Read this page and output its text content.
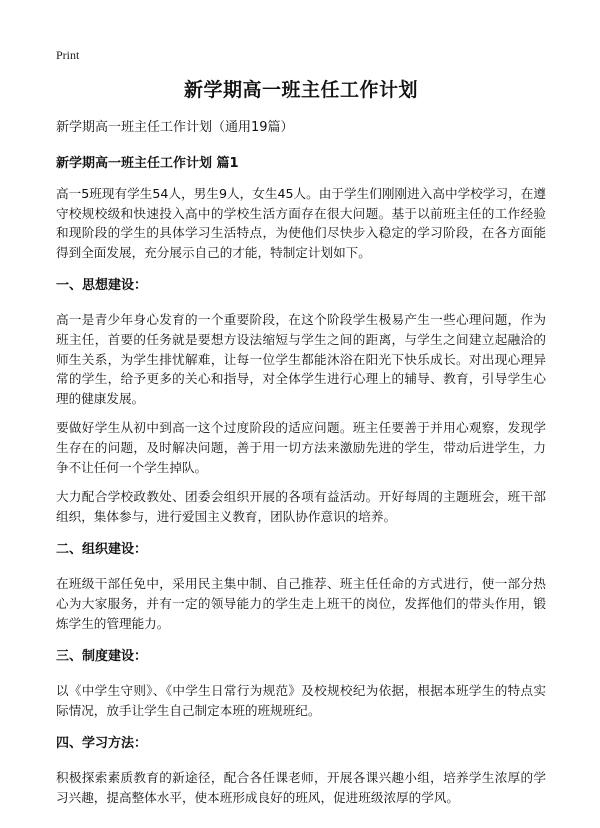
Print
新学期高一班主任工作计划

新学期高一班主任工作计划（通用19篇）

新学期高一班主任工作计划 篇1

高一5班现有学生54人，男生9人，女生45人。由于学生们刚刚进入高中学校学习，在遵守校规校级和快速投入高中的学校生活方面存在很大问题。基于以前班主任的工作经验和现阶段的学生的具体学习生活特点，为使他们尽快步入稳定的学习阶段，在各方面能得到全面发展，充分展示自己的才能，特制定计划如下。

一、思想建设：

高一是青少年身心发育的一个重要阶段，在这个阶段学生极易产生一些心理问题，作为班主任，首要的任务就是要想方设法缩短与学生之间的距离，与学生之间建立起融洽的师生关系，为学生排忧解难，让每一位学生都能沐浴在阳光下快乐成长。对出现心理异常的学生，给予更多的关心和指导，对全体学生进行心理上的辅导、教育，引导学生心理的健康发展。

要做好学生从初中到高一这个过度阶段的适应问题。班主任要善于并用心观察，发现学生存在的问题，及时解决问题，善于用一切方法来激励先进的学生，带动后进学生，力争不让任何一个学生掉队。

大力配合学校政教处、团委会组织开展的各项有益活动。开好每周的主题班会，班干部组织，集体参与，进行爱国主义教育，团队协作意识的培养。

二、组织建设：

在班级干部任免中，采用民主集中制、自己推荐、班主任任命的方式进行，使一部分热心为大家服务，并有一定的领导能力的学生走上班干的岗位，发挥他们的带头作用，锻炼学生的管理能力。

三、制度建设：

以《中学生守则》、《中学生日常行为规范》及校规校纪为依据，根据本班学生的特点实际情况，放手让学生自己制定本班的班规班纪。

四、学习方法：

积极探索素质教育的新途径，配合各任课老师，开展各课兴趣小组，培养学生浓厚的学习兴趣，提高整体水平，使本班形成良好的班风，促进班级浓厚的学风。
